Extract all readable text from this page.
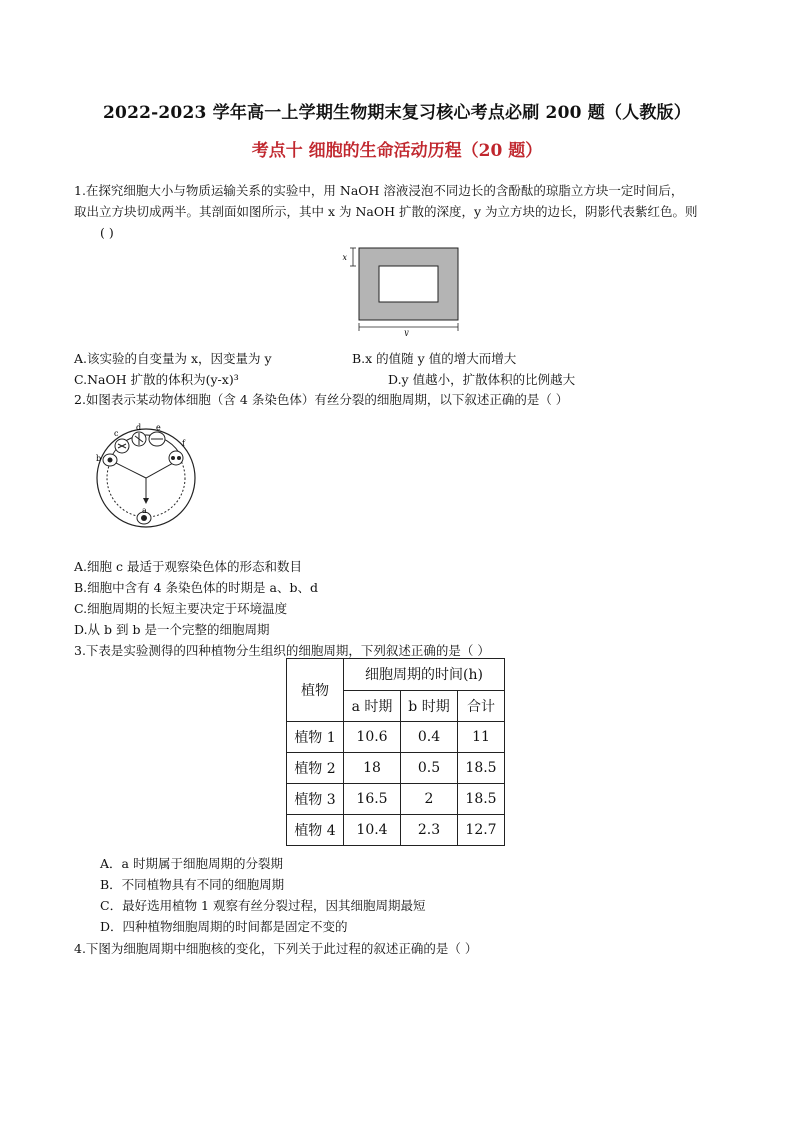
2022-2023 学年高一上学期生物期末复习核心考点必刷 200 题（人教版）
考点十 细胞的生命活动历程（20 题）
1.在探究细胞大小与物质运输关系的实验中，用 NaOH 溶液浸泡不同边长的含酚酞的琼脂立方块一定时间后，
取出立方块切成两半。其剖面如图所示，其中 x 为 NaOH 扩散的深度，y 为立方块的边长，阴影代表紫红色。则
( )
x
y
A.该实验的自变量为 x，因变量为 y	B.x 的值随 y 值的增大而增大
C.NaOH 扩散的体积为(y-x)³	D.y 值越小，扩散体积的比例越大
2.如图表示某动物体细胞（含 4 条染色体）有丝分裂的细胞周期，以下叙述正确的是（ ）
a
b
c
d e
f
A.细胞 c 最适于观察染色体的形态和数目
B.细胞中含有 4 条染色体的时期是 a、b、d
C.细胞周期的长短主要决定于环境温度
D.从 b 到 b 是一个完整的细胞周期
3.下表是实验测得的四种植物分生组织的细胞周期，下列叙述正确的是（ ）
植物	细胞周期的时间(h)		
	a 时期	b 时期	合计
植物 1	10.6	0.4	11
植物 2	18	0.5	18.5
植物 3	16.5	2	18.5
植物 4	10.4	2.3	12.7
A．a 时期属于细胞周期的分裂期
B．不同植物具有不同的细胞周期
C．最好选用植物 1 观察有丝分裂过程，因其细胞周期最短
D．四种植物细胞周期的时间都是固定不变的
4.下图为细胞周期中细胞核的变化，下列关于此过程的叙述正确的是（ ）
